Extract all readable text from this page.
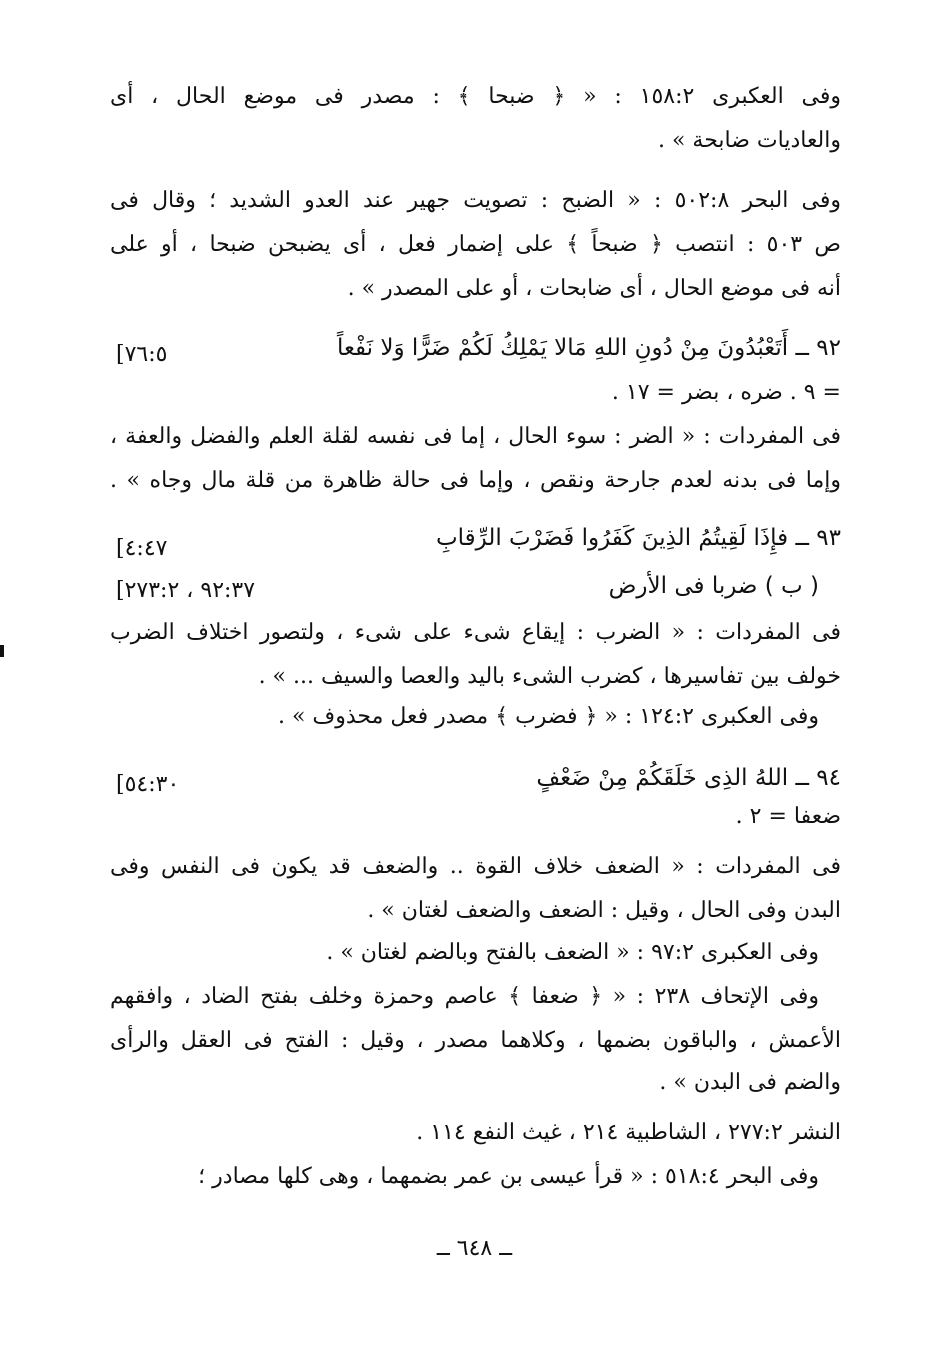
وفى العكبرى ١٥٨:٢ : « ﴿ ضبحا ﴾ : مصدر فى موضع الحال ، أى
والعاديات ضابحة » .
وفى البحر ٥٠٢:٨ : « الضبح : تصويت جهير عند العدو الشديد ؛ وقال فى
ص ٥٠٣ : انتصب ﴿ ضبحاً ﴾ على إضمار فعل ، أى يضبحن ضبحا ، أو على
أنه فى موضع الحال ، أى ضابحات ، أو على المصدر » .
٩٢ ــ أَتَعْبُدُونَ مِنْ دُونِ اللهِ مَالا يَمْلِكُ لَكُمْ ضَرًّا وَلا نَفْعاً
[٧٦:٥
= ٩ . ضره ، بضر = ١٧ .
فى المفردات : « الضر : سوء الحال ، إما فى نفسه لقلة العلم والفضل والعفة ،
وإما فى بدنه لعدم جارحة ونقص ، وإما فى حالة ظاهرة من قلة مال وجاه » .
٩٣ ــ فإِذَا لَقِيتُمُ الذِينَ كَفَرُوا فَضَرْبَ الرِّقابِ
[٤:٤٧
( ب ) ضربا فى الأرض
[٩٢:٣٧ ، ٢٧٣:٢
فى المفردات : « الضرب : إيقاع شىء على شىء ، ولتصور اختلاف الضرب
خولف بين تفاسيرها ، كضرب الشىء باليد والعصا والسيف ... » .
وفى العكبرى ١٢٤:٢ : « ﴿ فضرب ﴾ مصدر فعل محذوف » .
٩٤ ــ اللهُ الذِى خَلَقَكُمْ مِنْ ضَعْفٍ
[٥٤:٣٠
ضعفا = ٢ .
فى المفردات : « الضعف خلاف القوة .. والضعف قد يكون فى النفس وفى
البدن وفى الحال ، وقيل : الضعف والضعف لغتان » .
وفى العكبرى ٩٧:٢ : « الضعف بالفتح وبالضم لغتان » .
وفى الإتحاف ٢٣٨ : « ﴿ ضعفا ﴾ عاصم وحمزة وخلف بفتح الضاد ، وافقهم
الأعمش ، والباقون بضمها ، وكلاهما مصدر ، وقيل : الفتح فى العقل والرأى
والضم فى البدن » .
النشر ٢٧٧:٢ ، الشاطبية ٢١٤ ، غيث النفع ١١٤ .
وفى البحر ٥١٨:٤ : « قرأ عيسى بن عمر بضمهما ، وهى كلها مصادر ؛
ــ ٦٤٨ ــ
